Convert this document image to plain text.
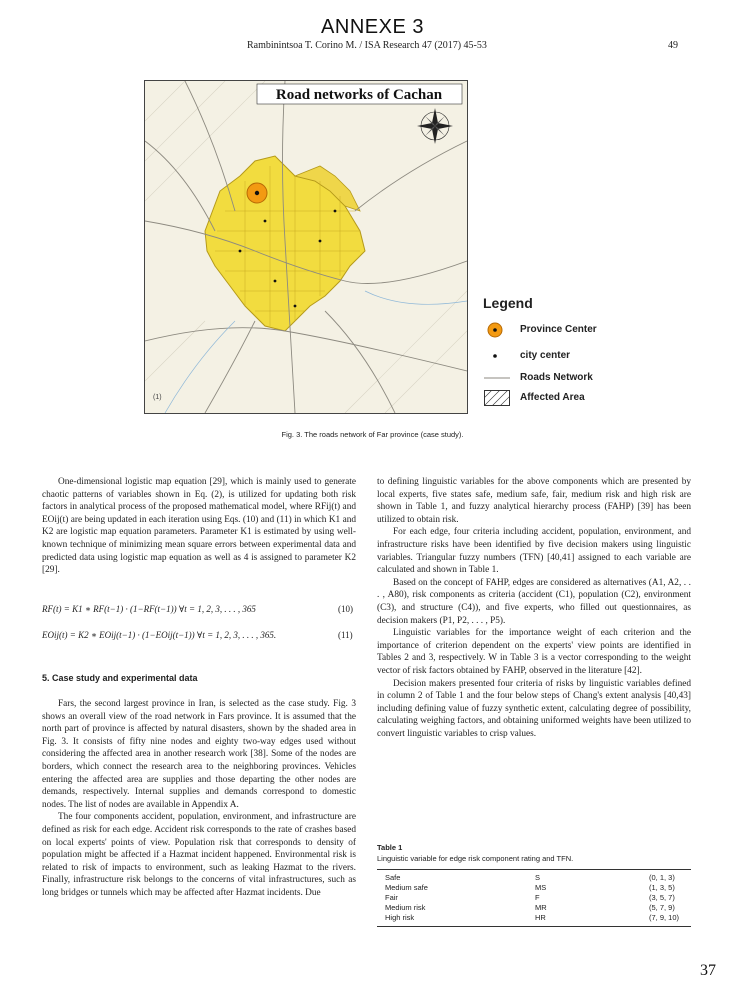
ANNEXE 3
Rambinintsoa T. Corino M. / ISA Research 47 (2017) 45-53	49
Road networks of Cachan
(1)
Legend
Province Center
city center
Roads Network
Affected Area
Fig. 3. The roads network of Far province (case study).

One-dimensional logistic map equation [29], which is mainly used to generate chaotic patterns of variables shown in Eq. (2), is utilized for updating both risk factors in analytical process of the proposed mathematical model, where RFij(t) and EOij(t) are being updated in each iteration using Eqs. (10) and (11) in which K1 and K2 are logistic map equation parameters. Parameter K1 is estimated by using well-known technique of minimizing mean square errors between experimental data and predicted data using logistic map equation as well as 4 is assigned to parameter K2 [29].

RF(t) = K1 ∗ RF(t−1) · (1−RF(t−1)) ∀t = 1, 2, 3, . . . , 365	(10)
EOij(t) = K2 ∗ EOij(t−1) · (1−EOij(t−1)) ∀t = 1, 2, 3, . . . , 365.	(11)
5. Case study and experimental data

Fars, the second largest province in Iran, is selected as the case study. Fig. 3 shows an overall view of the road network in Fars province. It is assumed that the north part of province is affected by natural disasters, shown by the shaded area in Fig. 3. It consists of fifty nine nodes and eighty two-way edges used without considering the affected area in another research work [38]. Some of the nodes are borders, which connect the research area to the neighboring provinces. Vehicles entering the affected area are supplies and those departing the other nodes are demands, respectively. Internal supplies and demands correspond to domestic nodes. The list of nodes are available in Appendix A.

The four components accident, population, environment, and infrastructure are defined as risk for each edge. Accident risk corresponds to the rate of crashes based on local experts' points of view. Population risk that corresponds to density of population might be affected if a Hazmat incident happened. Environmental risk is related to risk of impacts to environment, such as leaking Hazmat to the rivers. Finally, infrastructure risk belongs to the concerns of vital infrastructures, such as long bridges or tunnels which may be affected after Hazmat incidents. Due

to defining linguistic variables for the above components which are presented by local experts, five states safe, medium safe, fair, medium risk and high risk are shown in Table 1, and fuzzy analytical hierarchy process (FAHP) [39] has been utilized to obtain risk.

For each edge, four criteria including accident, population, environment, and infrastructure risks have been identified by five decision makers using linguistic variables. Triangular fuzzy numbers (TFN) [40,41] assigned to each variable are calculated and shown in Table 1.

Based on the concept of FAHP, edges are considered as alternatives (A1, A2, . . . , A80), risk components as criteria (accident (C1), population (C2), environment (C3), and structure (C4)), and five experts, who filled out questionnaires, as decision makers (P1, P2, . . . , P5).

Linguistic variables for the importance weight of each criterion and the importance of criterion dependent on the experts' view points are identified in Tables 2 and 3, respectively. W in Table 3 is a vector corresponding to the weight vector of risk factors obtained by FAHP, observed in the literature [42].

Decision makers presented four criteria of risks by linguistic variables defined in column 2 of Table 1 and the four below steps of Chang's extent analysis [40,43] including defining value of fuzzy synthetic extent, calculating degree of possibility, calculating weighing factors, and obtaining uniformed weights have been utilized to convert linguistic variables to crisp values.

Table 1
Linguistic variable for edge risk component rating and TFN.
Safe	S	(0, 1, 3)
Medium safe	MS	(1, 3, 5)
Fair	F	(3, 5, 7)
Medium risk	MR	(5, 7, 9)
High risk	HR	(7, 9, 10)
37
